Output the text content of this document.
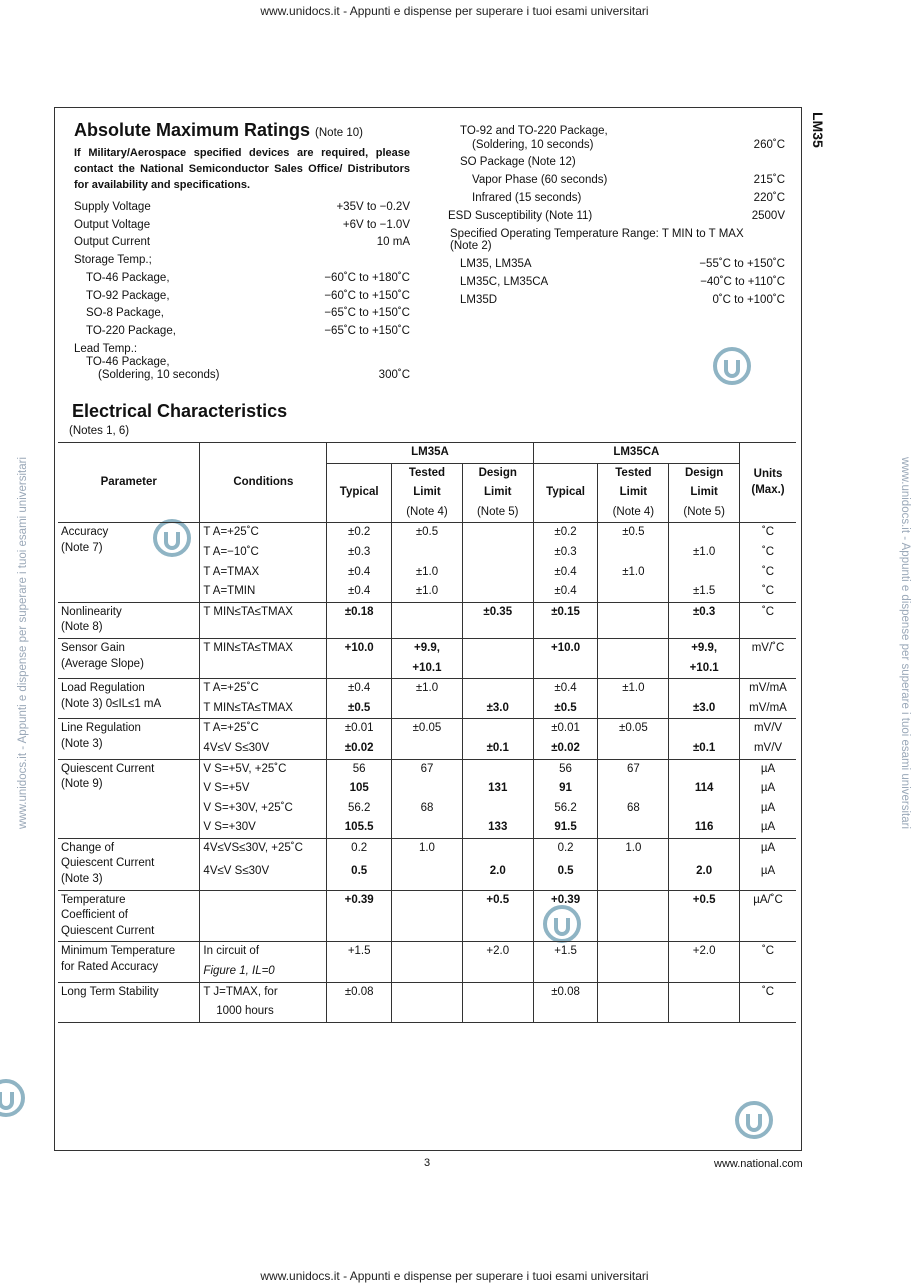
www.unidocs.it - Appunti e dispense per superare i tuoi esami universitari
www.unidocs.it - Appunti e dispense per superare i tuoi esami universitari
www.unidocs.it - Appunti e dispense per superare i tuoi esami universitari	www.unidocs.it - Appunti e dispense per superare i tuoi esami universitari
LM35
Absolute Maximum Ratings (Note 10)
If Military/Aerospace specified devices are required, please contact the National Semiconductor Sales Office/ Distributors for availability and specifications.
Supply Voltage	+35V to −0.2V
Output Voltage	+6V to −1.0V
Output Current	10 mA
Storage Temp.;
TO-46 Package,	−60˚C to +180˚C
TO-92 Package,	−60˚C to +150˚C
SO-8 Package,	−65˚C to +150˚C
TO-220 Package,	−65˚C to +150˚C
Lead Temp.:
TO-46 Package,
(Soldering, 10 seconds)	300˚C
TO-92 and TO-220 Package,
(Soldering, 10 seconds)	260˚C
SO Package (Note 12)
Vapor Phase (60 seconds)	215˚C
Infrared (15 seconds)	220˚C
ESD Susceptibility (Note 11)	2500V
Specified Operating Temperature Range: T MIN to T MAX
(Note 2)
LM35, LM35A	−55˚C to +150˚C
LM35C, LM35CA	−40˚C to +110˚C
LM35D	0˚C to +100˚C
Electrical Characteristics
(Notes 1, 6)
Parameter	Conditions	LM35A			LM35CA			Units
(Max.)

		Typical	Tested	Design	Typical	Tested	Design	
			Limit	Limit		Limit	Limit	
			(Note 4)	(Note 5)		(Note 4)	(Note 5)	

Accuracy
(Note 7)	T A=+25˚C	±0.2	±0.5		±0.2	±0.5		˚C
	T A=−10˚C	±0.3			±0.3		±1.0	˚C
	T A=TMAX	±0.4	±1.0		±0.4	±1.0		˚C
	T A=TMIN	±0.4	±1.0		±0.4		±1.5	˚C

Nonlinearity
(Note 8)	T MIN≤TA≤TMAX	±0.18		±0.35	±0.15		±0.3	˚C

Sensor Gain
(Average Slope)	T MIN≤TA≤TMAX	+10.0	+9.9,		+10.0		+9.9,	mV/˚C
			+10.1				+10.1	

Load Regulation
(Note 3) 0≤IL≤1 mA	T A=+25˚C	±0.4	±1.0		±0.4	±1.0		mV/mA
	T MIN≤TA≤TMAX	±0.5		±3.0	±0.5		±3.0	mV/mA

Line Regulation
(Note 3)	T A=+25˚C	±0.01	±0.05		±0.01	±0.05		mV/V
	4V≤V S≤30V	±0.02		±0.1	±0.02		±0.1	mV/V

Quiescent Current
(Note 9)	V S=+5V, +25˚C	56	67		56	67		µA
	V S=+5V	105		131	91		114	µA
	V S=+30V, +25˚C	56.2	68		56.2	68		µA
	V S=+30V	105.5		133	91.5		116	µA

Change of
Quiescent Current
(Note 3)	4V≤VS≤30V, +25˚C	0.2	1.0		0.2	1.0		µA
	4V≤V S≤30V	0.5		2.0	0.5		2.0	µA

Temperature
Coefficient of
Quiescent Current		+0.39		+0.5	+0.39		+0.5	µA/˚C

Minimum Temperature
for Rated Accuracy	In circuit of	+1.5		+2.0	+1.5		+2.0	˚C
	Figure 1, IL=0							

Long Term Stability	T J=TMAX, for	±0.08			±0.08			˚C
	1000 hours							
3	www.national.com
